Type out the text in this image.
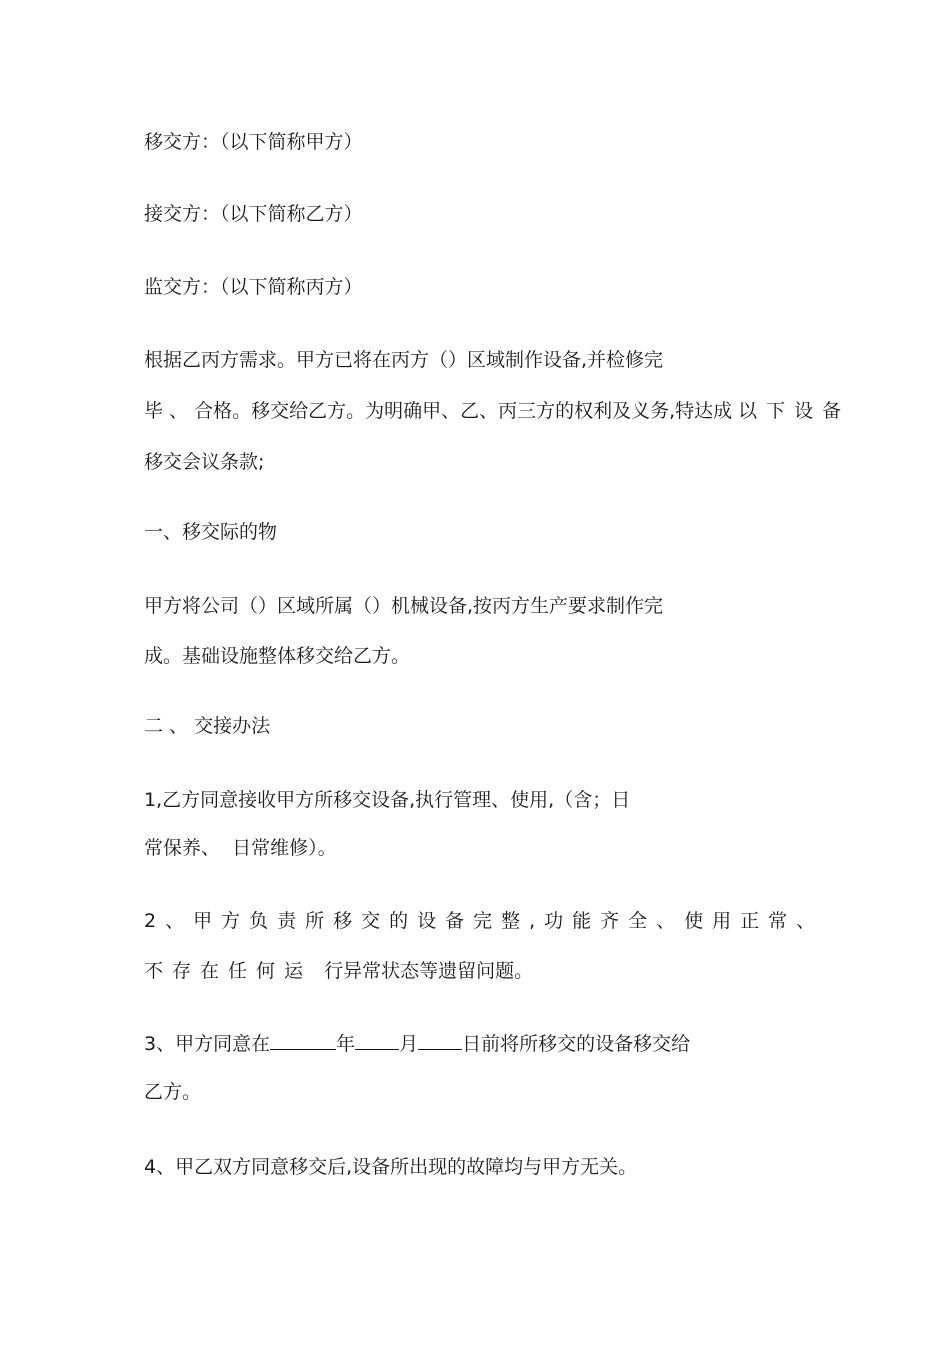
移交方：（以下简称甲方）
接交方：（以下简称乙方）
监交方：（以下简称丙方）
根据乙丙方需求。甲方已将在丙方（）区域制作设备,并检修完
毕 、 合格。移交给乙方。为明确甲、乙、丙三方的权利及义务,特达成 以下设备
移交会议条款;
一、移交际的物
甲方将公司（）区域所属（）机械设备,按丙方生产要求制作完
成。基础设施整体移交给乙方。
二 、 交接办法
1,乙方同意接收甲方所移交设备,执行管理、使用,（含；日
常保养、  日常维修）。
2、甲方负责所移交的设备完整,功能齐全、使用正常、
不存在任何运 行异常状态等遗留问题。
3、甲方同意在	年 月 日前将所移交的设备移交给
乙方。
4、甲乙双方同意移交后,设备所出现的故障均与甲方无关。
